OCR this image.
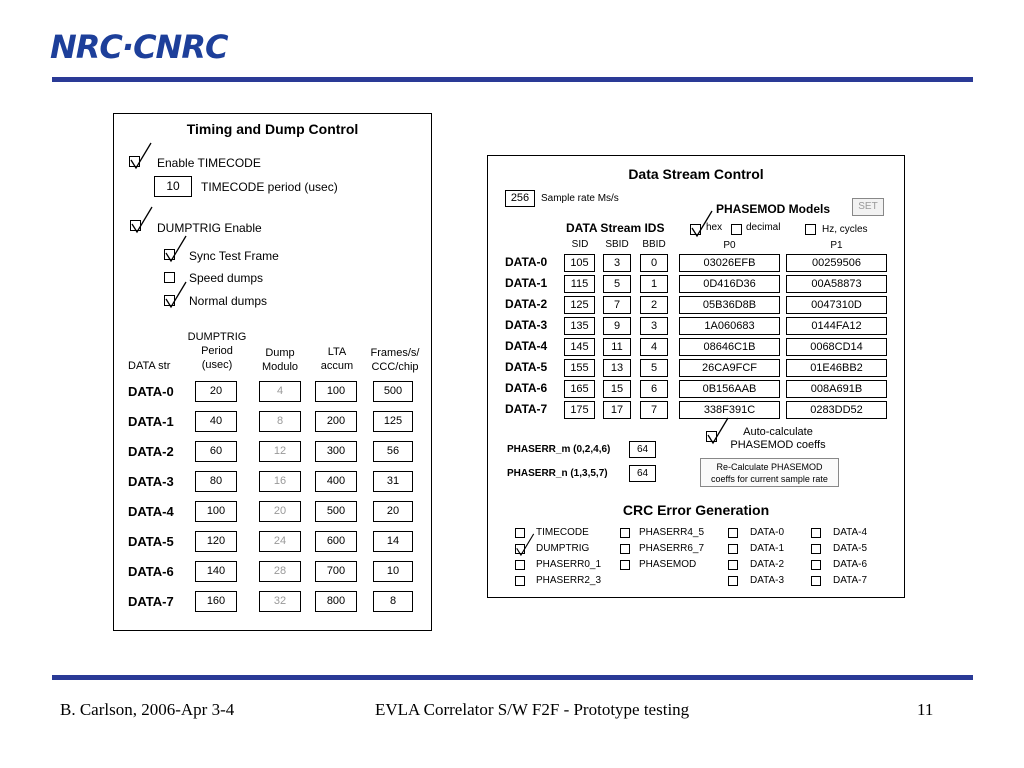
NRC·CNRC
Timing and Dump Control
Enable TIMECODE
10	TIMECODE period (usec)
DUMPTRIG Enable
Sync Test Frame
Speed dumps
Normal dumps
DATA str
DUMPTRIG
Period
(usec)
Dump
Modulo
LTA
accum
Frames/s/
CCC/chip
DATA-0	20	4	100	500
DATA-1	40	8	200	125
DATA-2	60	12	300	56
DATA-3	80	16	400	31
DATA-4	100	20	500	20
DATA-5	120	24	600	14
DATA-6	140	28	700	10
DATA-7	160	32	800	8
Data Stream Control
256	Sample rate Ms/s
PHASEMOD Models	SET
DATA Stream IDS	hex decimal	Hz, cycles
SID	SBID	BBID	P0	P1
DATA-0	105	3	0	03026EFB	00259506
DATA-1	115	5	1	0D416D36	00A58873
DATA-2	125	7	2	05B36D8B	0047310D
DATA-3	135	9	3	1A060683	0144FA12
DATA-4	145	11	4	08646C1B	0068CD14
DATA-5	155	13	5	26CA9FCF	01E46BB2
DATA-6	165	15	6	0B156AAB	008A691B
DATA-7	175	17	7	338F391C	0283DD52
Auto-calculate
PHASEMOD coeffs
PHASERR_m (0,2,4,6)	64
PHASERR_n (1,3,5,7)	64
Re-Calculate PHASEMOD
coeffs for current sample rate
CRC Error Generation
TIMECODE
DUMPTRIG
PHASERR0_1
PHASERR2_3
PHASERR4_5
PHASERR6_7
PHASEMOD
DATA-0
DATA-1
DATA-2
DATA-3
DATA-4
DATA-5
DATA-6
DATA-7
B. Carlson, 2006-Apr 3-4	EVLA Correlator S/W F2F - Prototype testing	11
